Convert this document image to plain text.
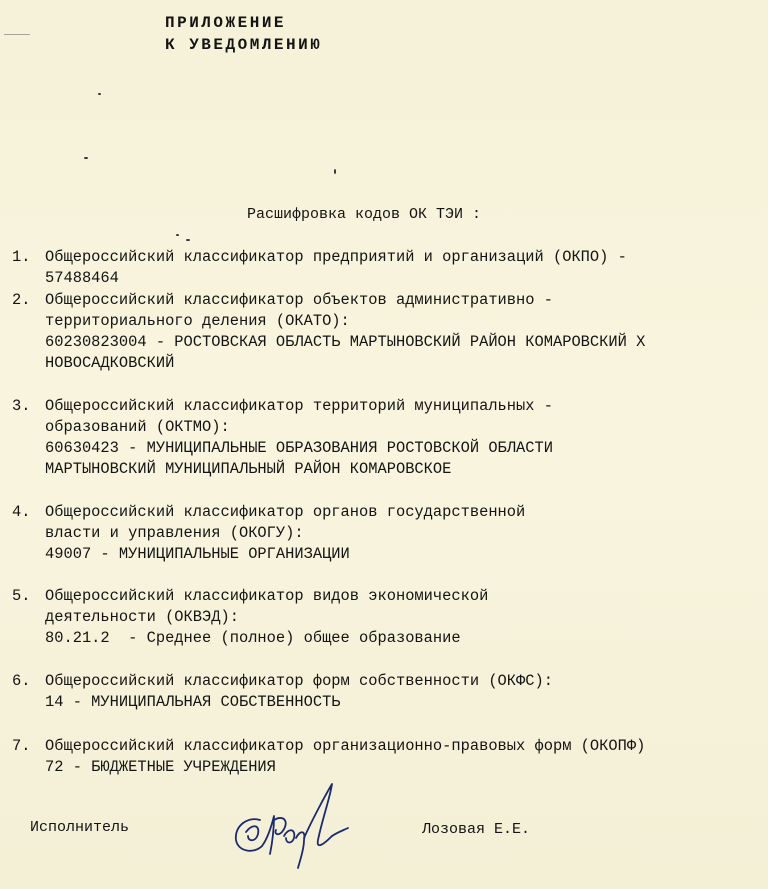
ПРИЛОЖЕНИЕ
К УВЕДОМЛЕНИЮ
Расшифровка кодов ОК ТЭИ :
1. Общероссийский классификатор предприятий и организаций (ОКПО) -
57488464
2. Общероссийский классификатор объектов административно -
территориального деления (ОКАТО):
60230823004 - РОСТОВСКАЯ ОБЛАСТЬ МАРТЫНОВСКИЙ РАЙОН КОМАРОВСКИЙ Х
НОВОСАДКОВСКИЙ
3. Общероссийский классификатор территорий муниципальных -
образований (ОКТМО):
60630423 - МУНИЦИПАЛЬНЫЕ ОБРАЗОВАНИЯ РОСТОВСКОЙ ОБЛАСТИ
МАРТЫНОВСКИЙ МУНИЦИПАЛЬНЫЙ РАЙОН КОМАРОВСКОЕ
4. Общероссийский классификатор органов государственной
власти и управления (ОКОГУ):
49007 - МУНИЦИПАЛЬНЫЕ ОРГАНИЗАЦИИ
5. Общероссийский классификатор видов экономической
деятельности (ОКВЭД):
80.21.2  - Среднее (полное) общее образование
6. Общероссийский классификатор форм собственности (ОКФС):
14 - МУНИЦИПАЛЬНАЯ СОБСТВЕННОСТЬ
7. Общероссийский классификатор организационно-правовых форм (ОКОПФ)
72 - БЮДЖЕТНЫЕ УЧРЕЖДЕНИЯ
Исполнитель	Лозовая Е.Е.
